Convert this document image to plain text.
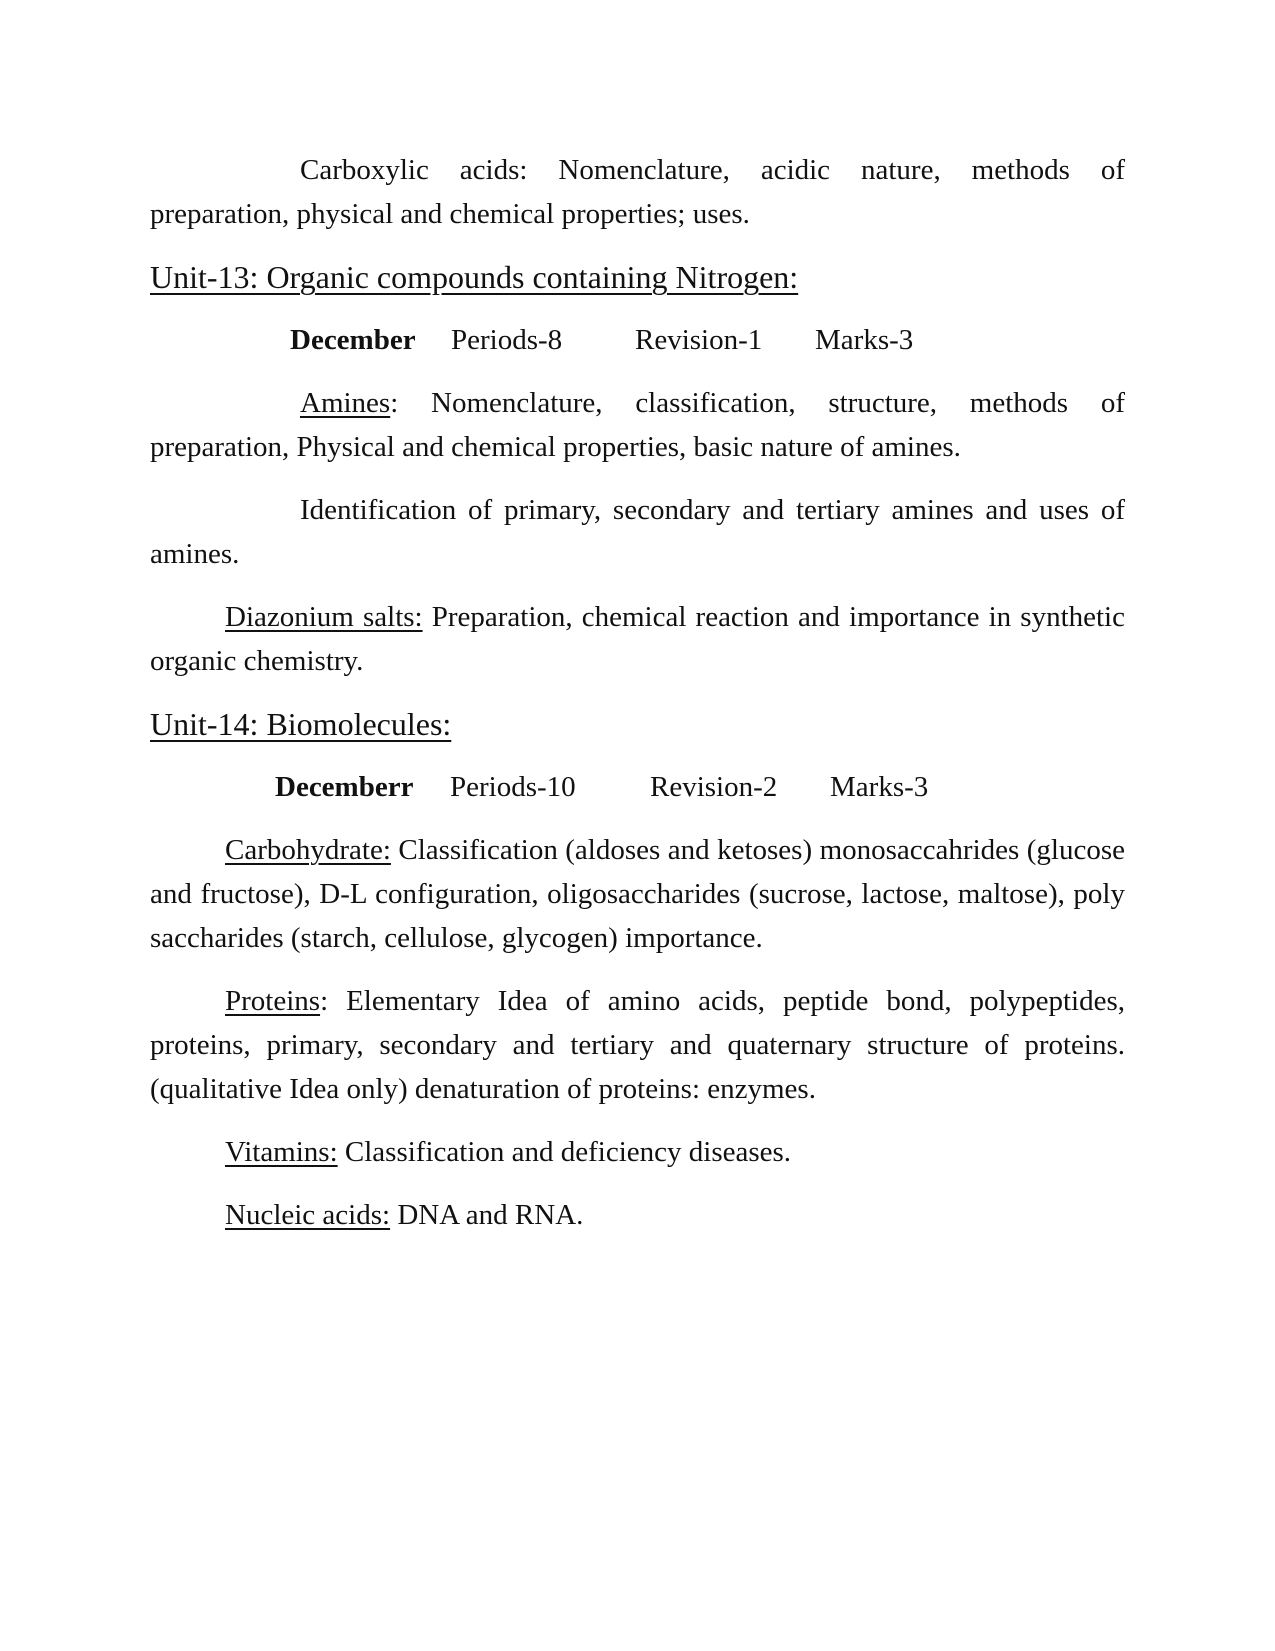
Carboxylic acids: Nomenclature, acidic nature, methods of preparation, physical and chemical properties; uses.

Unit-13: Organic compounds containing Nitrogen:
December Periods-8	Revision-1 Marks-3

Amines: Nomenclature, classification, structure, methods of preparation, Physical and chemical properties, basic nature of amines.

Identification of primary, secondary and tertiary amines and uses of amines.

Diazonium salts: Preparation, chemical reaction and importance in synthetic organic chemistry.

Unit-14: Biomolecules:
Decemberr Periods-10	Revision-2 Marks-3

Carbohydrate: Classification (aldoses and ketoses) monosaccahrides (glucose and fructose), D-L configuration, oligosaccharides (sucrose, lactose, maltose), poly saccharides (starch, cellulose, glycogen) importance.

Proteins: Elementary Idea of amino acids, peptide bond, polypeptides, proteins, primary, secondary and tertiary and quaternary structure of proteins. (qualitative Idea only) denaturation of proteins: enzymes.

Vitamins: Classification and deficiency diseases.

Nucleic acids: DNA and RNA.
